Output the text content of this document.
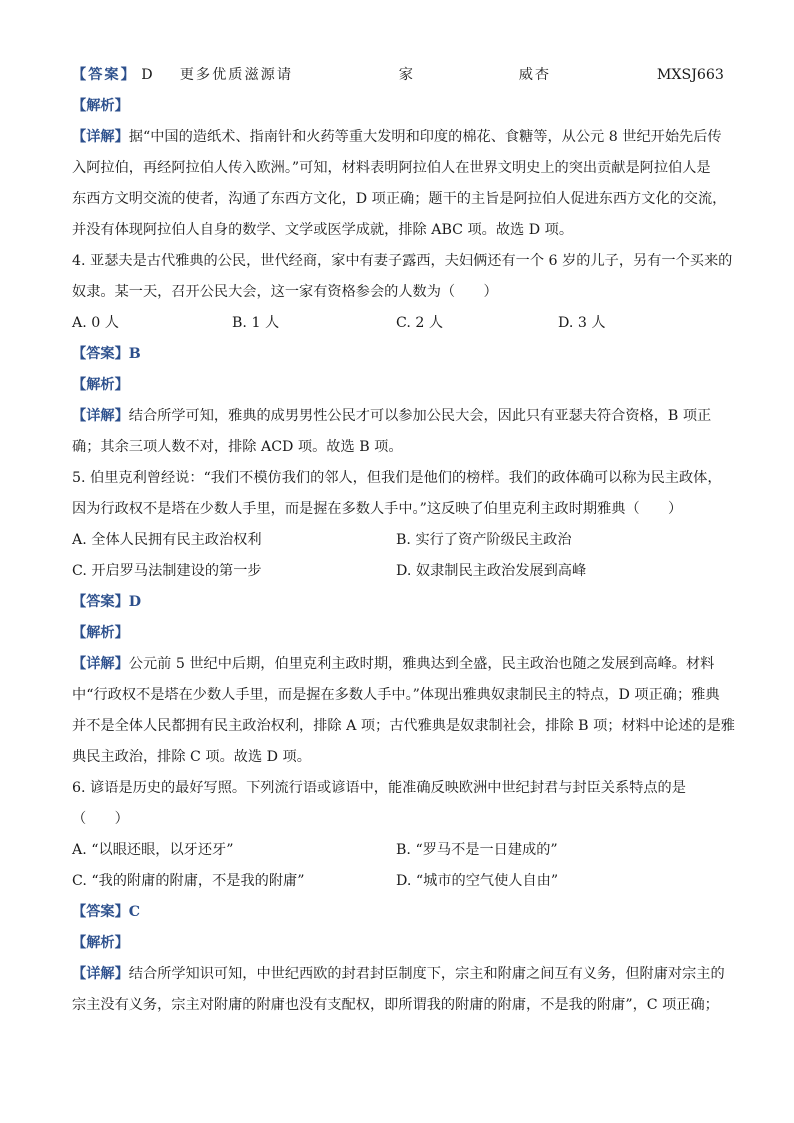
【答案】 D 更多优质滋源请	家	威杏	MXSJ663
【解析】
【详解】据“中国的造纸术、指南针和火药等重大发明和印度的棉花、食糖等，从公元 8 世纪开始先后传
入阿拉伯，再经阿拉伯人传入欧洲。”可知，材料表明阿拉伯人在世界文明史上的突出贡献是阿拉伯人是
东西方文明交流的使者，沟通了东西方文化，D 项正确；题干的主旨是阿拉伯人促进东西方文化的交流，
并没有体现阿拉伯人自身的数学、文学或医学成就，排除 ABC 项。故选 D 项。
4. 亚瑟夫是古代雅典的公民，世代经商，家中有妻子露西，夫妇俩还有一个 6 岁的儿子，另有一个买来的
奴隶。某一天，召开公民大会，这一家有资格参会的人数为（　　）
A. 0 人	B. 1 人	C. 2 人	D. 3 人
【答案】B
【解析】
【详解】结合所学可知，雅典的成男男性公民才可以参加公民大会，因此只有亚瑟夫符合资格，B 项正
确；其余三项人数不对，排除 ACD 项。故选 B 项。
5. 伯里克利曾经说：“我们不模仿我们的邻人，但我们是他们的榜样。我们的政体确可以称为民主政体，
因为行政权不是塔在少数人手里，而是握在多数人手中。”这反映了伯里克利主政时期雅典（　　）
A. 全体人民拥有民主政治权利	B. 实行了资产阶级民主政治
C. 开启罗马法制建设的第一步	D. 奴隶制民主政治发展到高峰
【答案】D
【解析】
【详解】公元前 5 世纪中后期，伯里克利主政时期，雅典达到全盛，民主政治也随之发展到高峰。材料
中“行政权不是塔在少数人手里，而是握在多数人手中。”体现出雅典奴隶制民主的特点，D 项正确；雅典
并不是全体人民都拥有民主政治权利，排除 A 项；古代雅典是奴隶制社会，排除 B 项；材料中论述的是雅
典民主政治，排除 C 项。故选 D 项。
6. 谚语是历史的最好写照。下列流行语或谚语中，能准确反映欧洲中世纪封君与封臣关系特点的是
（　　）
A. “以眼还眼，以牙还牙”	B. “罗马不是一日建成的”
C. “我的附庸的附庸，不是我的附庸”	D. “城市的空气使人自由”
【答案】C
【解析】
【详解】结合所学知识可知，中世纪西欧的封君封臣制度下，宗主和附庸之间互有义务，但附庸对宗主的
宗主没有义务，宗主对附庸的附庸也没有支配权，即所谓我的附庸的附庸，不是我的附庸”，C 项正确；
